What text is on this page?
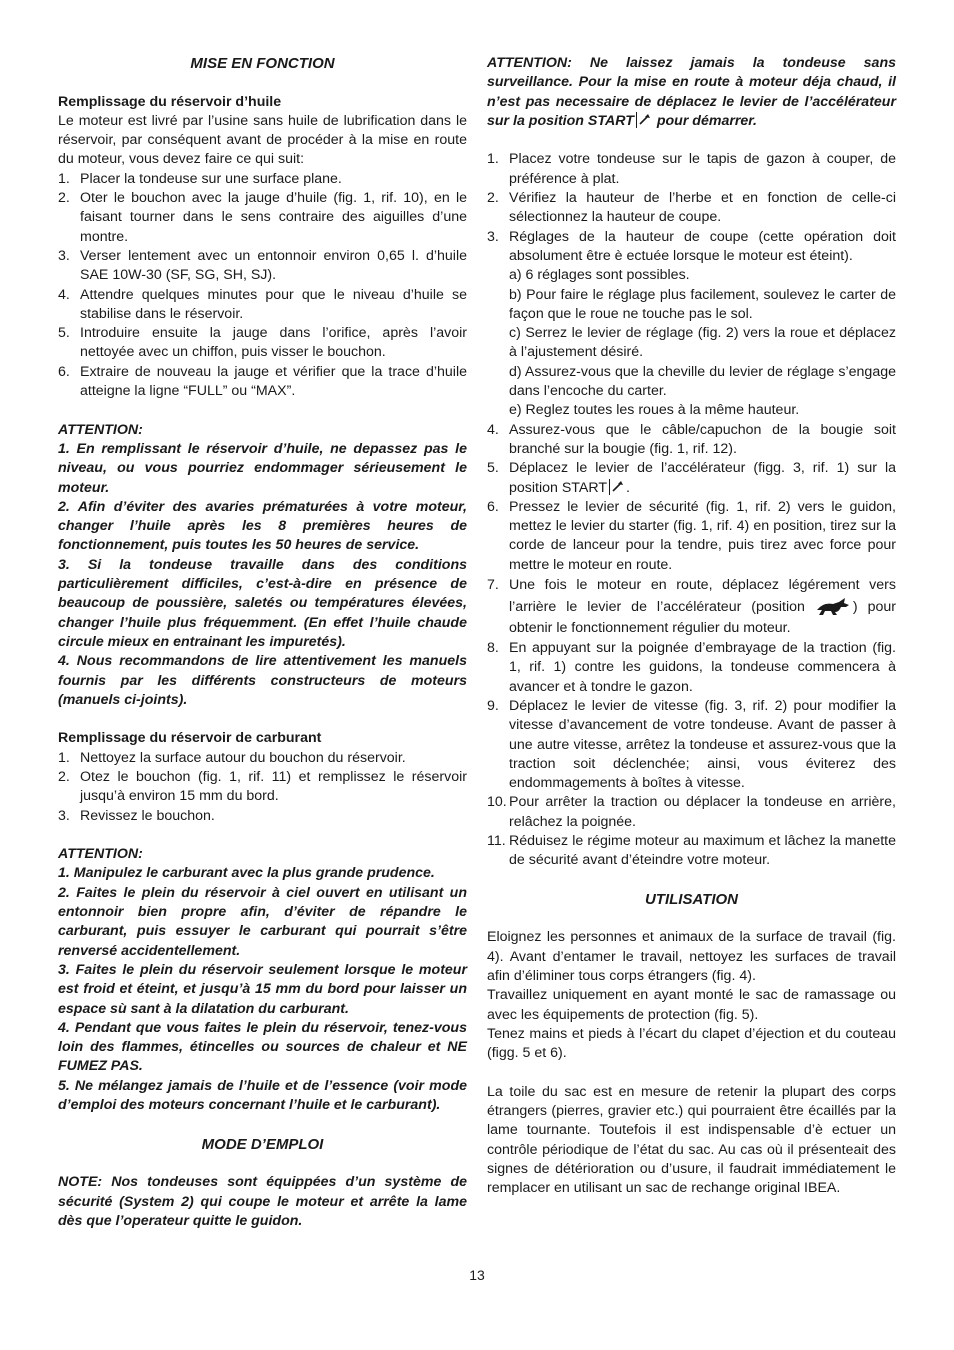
MISE EN FONCTION
Remplissage du réservoir d’huile

Le moteur est livré par l’usine sans huile de lubrification dans le réservoir, par conséquent avant de procéder à la mise en route du moteur, vous devez faire ce qui suit:

1. Placer la tondeuse sur une surface plane.
2. Oter le bouchon avec la jauge d’huile (fig. 1, rif. 10), en le faisant tourner dans le sens contraire des aiguilles d’une montre.
3. Verser lentement avec un entonnoir environ 0,65 l. d’huile SAE 10W-30 (SF, SG, SH, SJ).
4. Attendre quelques minutes pour que le niveau d’huile se stabilise dans le réservoir.
5. Introduire ensuite la jauge dans l’orifice, après l’avoir nettoyée avec un chiffon, puis visser le bouchon.
6. Extraire de nouveau la jauge et vérifier que la trace d’huile atteigne la ligne “FULL” ou “MAX”.
ATTENTION:

1. En remplissant le réservoir d’huile, ne depassez pas le niveau, ou vous pourriez endommager sérieusement le moteur.

2. Afin d’éviter des avaries prématurées à votre moteur, changer l’huile après les 8 premières heures de fonctionnement, puis toutes les 50 heures de service.

3. Si la tondeuse travaille dans des conditions particulièrement difficiles, c’est-à-dire en présence de beaucoup de poussière, saletés ou températures élevées, changer l’huile plus fréquemment. (En effet l’huile chaude circule mieux en entrainant les impuretés).

4. Nous recommandons de lire attentivement les manuels fournis par les différents constructeurs de moteurs (manuels ci-joints).

Remplissage du réservoir de carburant
1. Nettoyez la surface autour du bouchon du réservoir.
2. Otez le bouchon (fig. 1, rif. 11) et remplissez le réservoir jusqu’à environ 15 mm du bord.
3. Revissez le bouchon.
ATTENTION:

1. Manipulez le carburant avec la plus grande prudence.

2. Faites le plein du réservoir à ciel ouvert en utilisant un entonnoir bien propre afin, d’éviter de répandre le carburant, puis essuyer le carburant qui pourrait s’être renversé accidentellement.

3. Faites le plein du réservoir seulement lorsque le moteur est froid et éteint, et jusqu’à 15 mm du bord pour laisser un espace sù sant à la dilatation du carburant.

4. Pendant que vous faites le plein du réservoir, tenez-vous loin des flammes, étincelles ou sources de chaleur et NE FUMEZ PAS.

5. Ne mélangez jamais de l’huile et de l’essence (voir mode d’emploi des moteurs concernant l’huile et le carburant).

MODE D’EMPLOI

NOTE: Nos tondeuses sont équippées d’un système de sécurité (System 2) qui coupe le moteur et arrête la lame dès que l’operateur quitte le guidon.

ATTENTION: Ne laissez jamais la tondeuse sans surveillance. Pour la mise en route à moteur déja chaud, il n’est pas necessaire de déplacez le levier de l’accélérateur sur la position START
pour démarrer.

1. Placez votre tondeuse sur le tapis de gazon à couper, de préférence à plat.
2. Vérifiez la hauteur de l’herbe et en fonction de celle-ci sélectionnez la hauteur de coupe.
3. Réglages de la hauteur de coupe (cette opération doit absolument être è ectuée lorsque le moteur est éteint).
a) 6 réglages sont possibles.
b) Pour faire le réglage plus facilement, soulevez le carter de façon que le roue ne touche pas le sol.
c) Serrez le levier de réglage (fig. 2) vers la roue et déplacez à l’ajustement désiré.
d) Assurez-vous que la cheville du levier de réglage s’engage dans l’encoche du carter.
e) Reglez toutes les roues à la même hauteur.
4. Assurez-vous que le câble/capuchon de la bougie soit branché sur la bougie (fig. 1, rif. 12).
5. Déplacez le levier de l’accélérateur (figg. 3, rif. 1) sur la position START .
6. Pressez le levier de sécurité (fig. 1, rif. 2) vers le guidon, mettez le levier du starter (fig. 1, rif. 4) en position, tirez sur la corde de lanceur pour la tendre, puis tirez avec force pour mettre le moteur en route.
7. Une fois le moteur en route, déplacez légérement vers l’arrière le levier de l’accélérateur (position	) pour obtenir le fonctionnement régulier du moteur.
8. En appuyant sur la poignée d’embrayage de la traction (fig. 1, rif. 1) contre les guidons, la tondeuse commencera à avancer et à tondre le gazon.
9. Déplacez le levier de vitesse (fig. 3, rif. 2) pour modifier la vitesse d’avancement de votre tondeuse. Avant de passer à une autre vitesse, arrêtez la tondeuse et assurez-vous que la traction soit déclenchée; ainsi, vous éviterez des endommagements à boîtes à vitesse.
10. Pour arrêter la traction ou déplacer la tondeuse en arrière, relâchez la poignée.
11. Réduisez le régime moteur au maximum et lâchez la manette de sécurité avant d’éteindre votre moteur.
UTILISATION

Eloignez les personnes et animaux de la surface de travail (fig. 4). Avant d’entamer le travail, nettoyez les surfaces de travail afin d’éliminer tous corps étrangers (fig. 4).

Travaillez uniquement en ayant monté le sac de ramassage ou avec les équipements de protection (fig. 5).

Tenez mains et pieds à l’écart du clapet d’éjection et du couteau (figg. 5 et 6).

La toile du sac est en mesure de retenir la plupart des corps étrangers (pierres, gravier etc.) qui pourraient être écaillés par la lame tournante. Toutefois il est indispensable d’è ectuer un contrôle périodique de l’état du sac. Au cas où il présenteait des signes de détérioration ou d’usure, il faudrait immédiatement le remplacer en utilisant un sac de rechange original IBEA.

13
